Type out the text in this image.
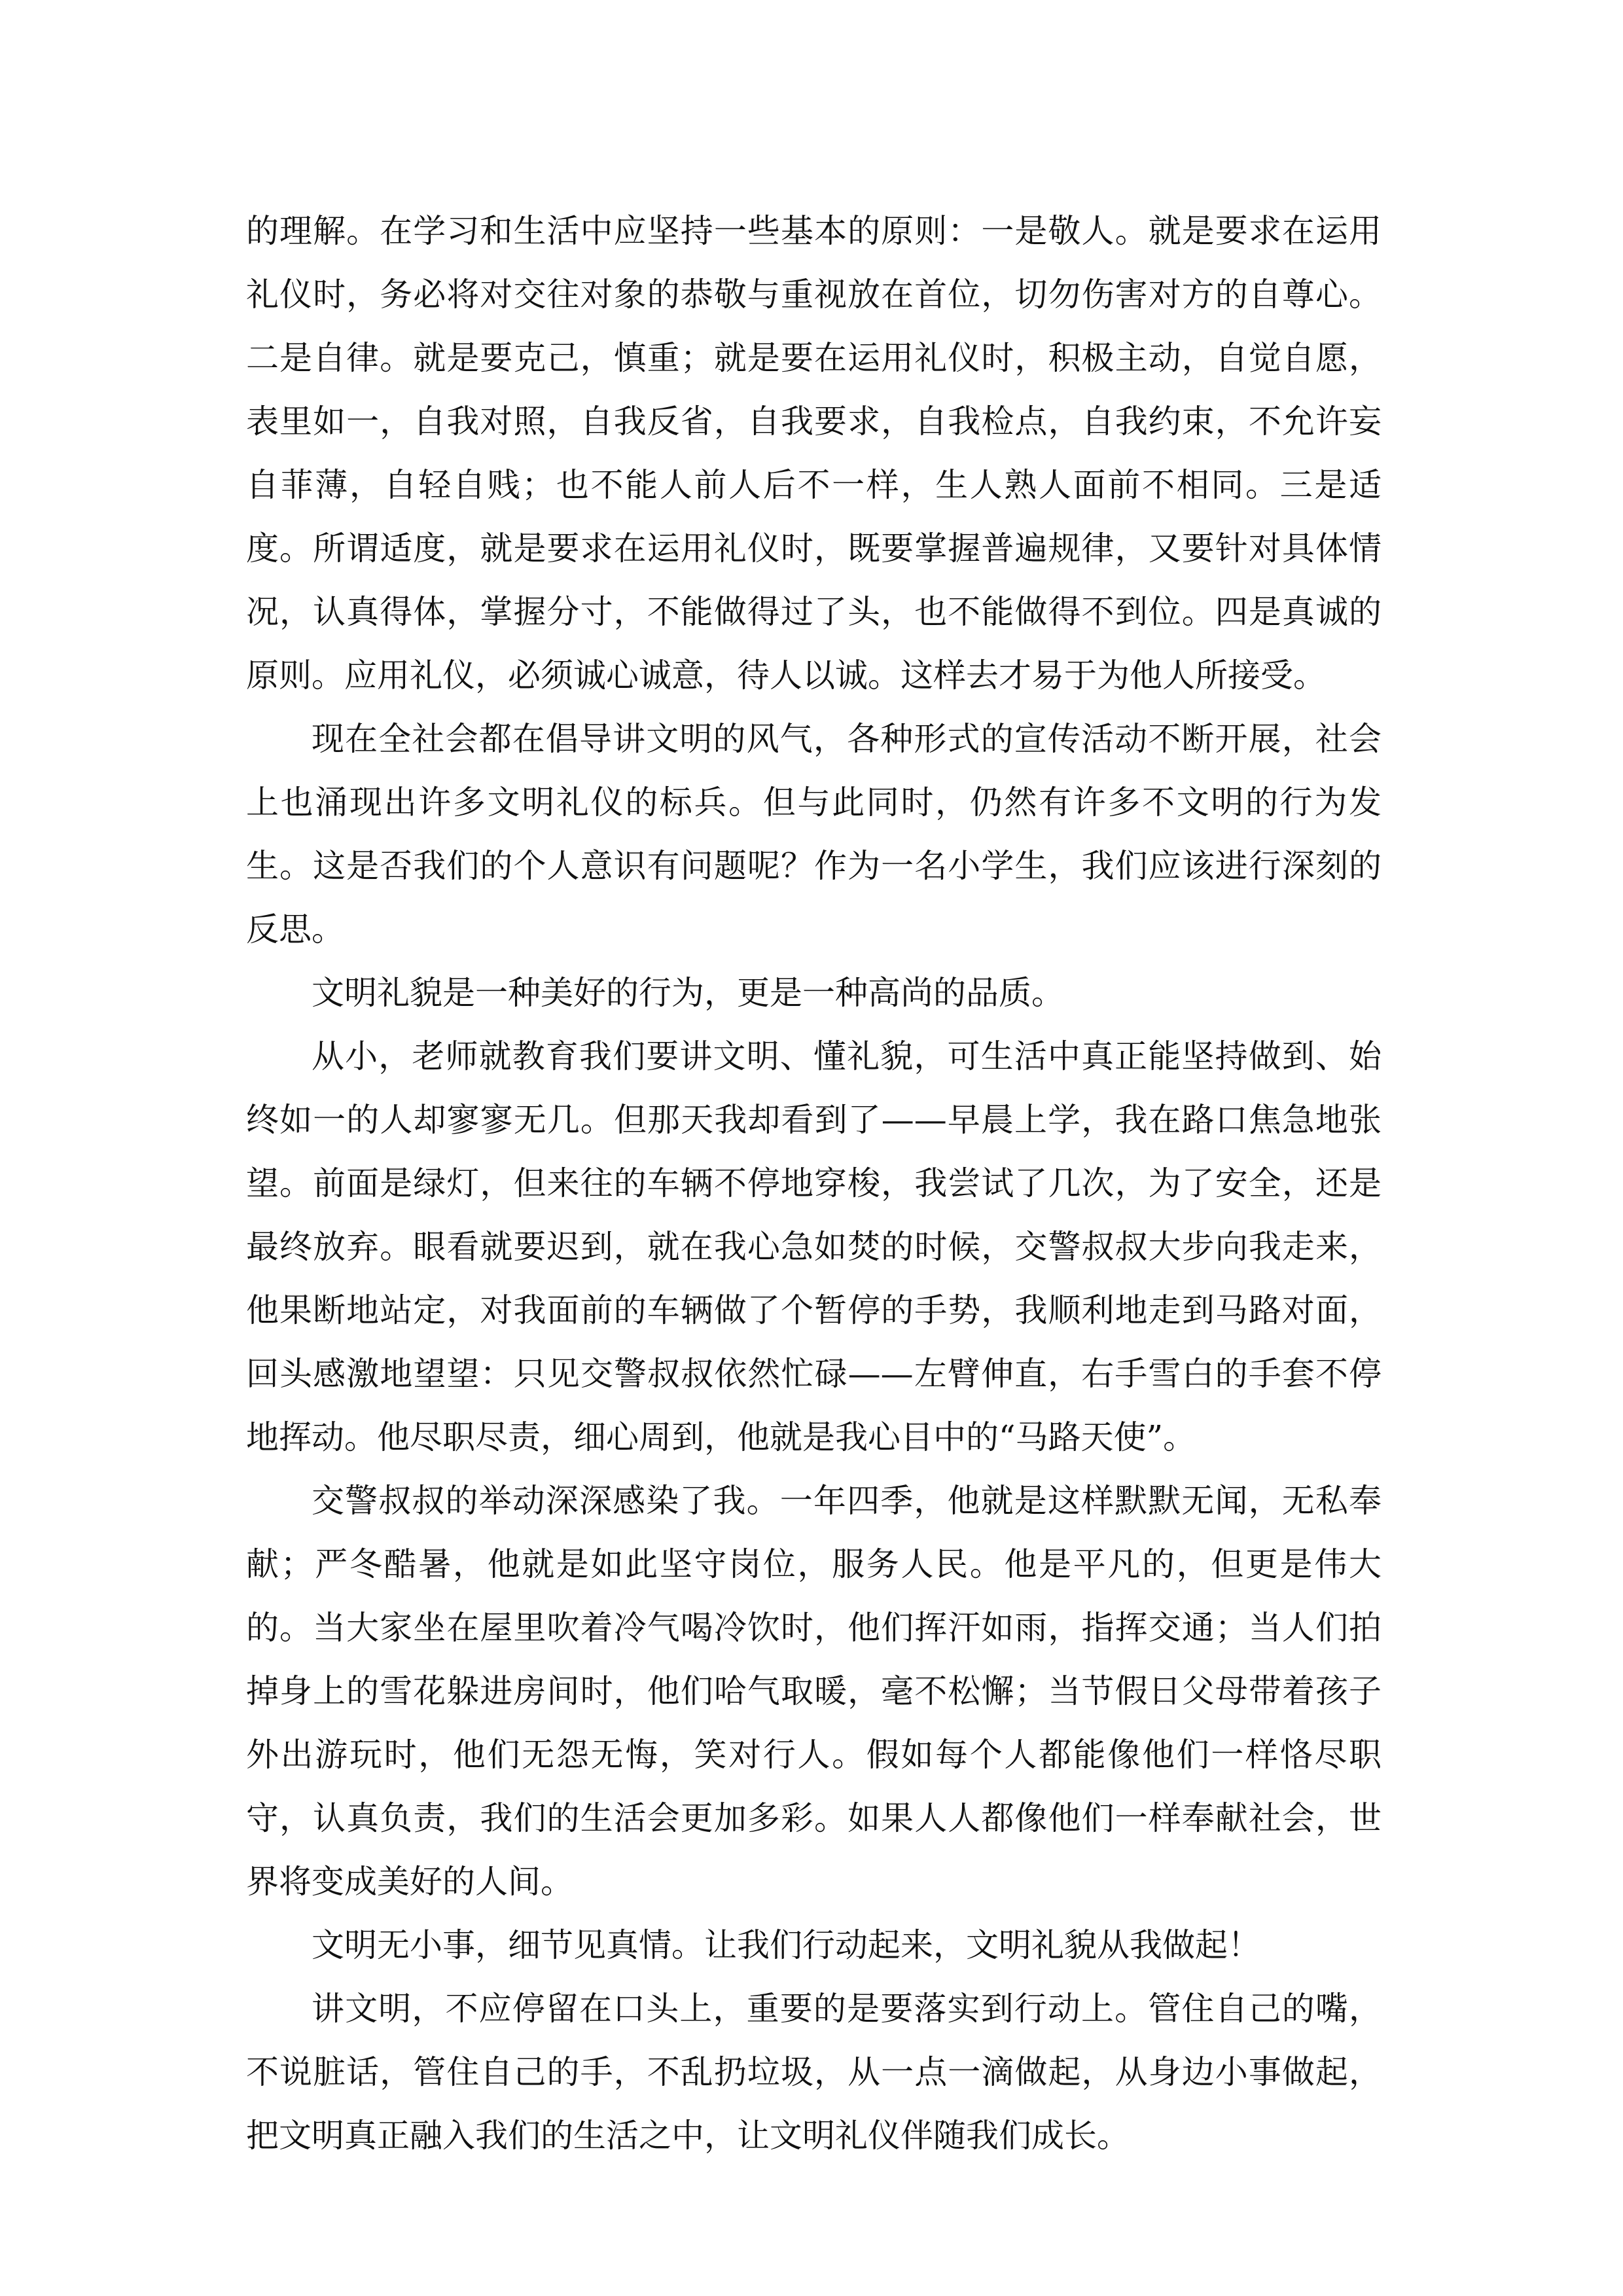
的理解。在学习和生活中应坚持一些基本的原则：一是敬人。就是要求在运用礼仪时，务必将对交往对象的恭敬与重视放在首位，切勿伤害对方的自尊心。二是自律。就是要克己，慎重；就是要在运用礼仪时，积极主动，自觉自愿，表里如一，自我对照，自我反省，自我要求，自我检点，自我约束，不允许妄自菲薄，自轻自贱；也不能人前人后不一样，生人熟人面前不相同。三是适度。所谓适度，就是要求在运用礼仪时，既要掌握普遍规律，又要针对具体情况，认真得体，掌握分寸，不能做得过了头，也不能做得不到位。四是真诚的原则。应用礼仪，必须诚心诚意，待人以诚。这样去才易于为他人所接受。

现在全社会都在倡导讲文明的风气，各种形式的宣传活动不断开展，社会上也涌现出许多文明礼仪的标兵。但与此同时，仍然有许多不文明的行为发生。这是否我们的个人意识有问题呢？作为一名小学生，我们应该进行深刻的反思。

文明礼貌是一种美好的行为，更是一种高尚的品质。

从小，老师就教育我们要讲文明、懂礼貌，可生活中真正能坚持做到、始终如一的人却寥寥无几。但那天我却看到了——早晨上学，我在路口焦急地张望。前面是绿灯，但来往的车辆不停地穿梭，我尝试了几次，为了安全，还是最终放弃。眼看就要迟到，就在我心急如焚的时候，交警叔叔大步向我走来，他果断地站定，对我面前的车辆做了个暂停的手势，我顺利地走到马路对面，回头感激地望望：只见交警叔叔依然忙碌——左臂伸直，右手雪白的手套不停地挥动。他尽职尽责，细心周到，他就是我心目中的“马路天使”。

交警叔叔的举动深深感染了我。一年四季，他就是这样默默无闻，无私奉献；严冬酷暑，他就是如此坚守岗位，服务人民。他是平凡的，但更是伟大的。当大家坐在屋里吹着冷气喝冷饮时，他们挥汗如雨，指挥交通；当人们拍掉身上的雪花躲进房间时，他们哈气取暖，毫不松懈；当节假日父母带着孩子外出游玩时，他们无怨无悔，笑对行人。假如每个人都能像他们一样恪尽职守，认真负责，我们的生活会更加多彩。如果人人都像他们一样奉献社会，世界将变成美好的人间。

文明无小事，细节见真情。让我们行动起来，文明礼貌从我做起！

讲文明，不应停留在口头上，重要的是要落实到行动上。管住自己的嘴，不说脏话，管住自己的手，不乱扔垃圾，从一点一滴做起，从身边小事做起，把文明真正融入我们的生活之中，让文明礼仪伴随我们成长。
